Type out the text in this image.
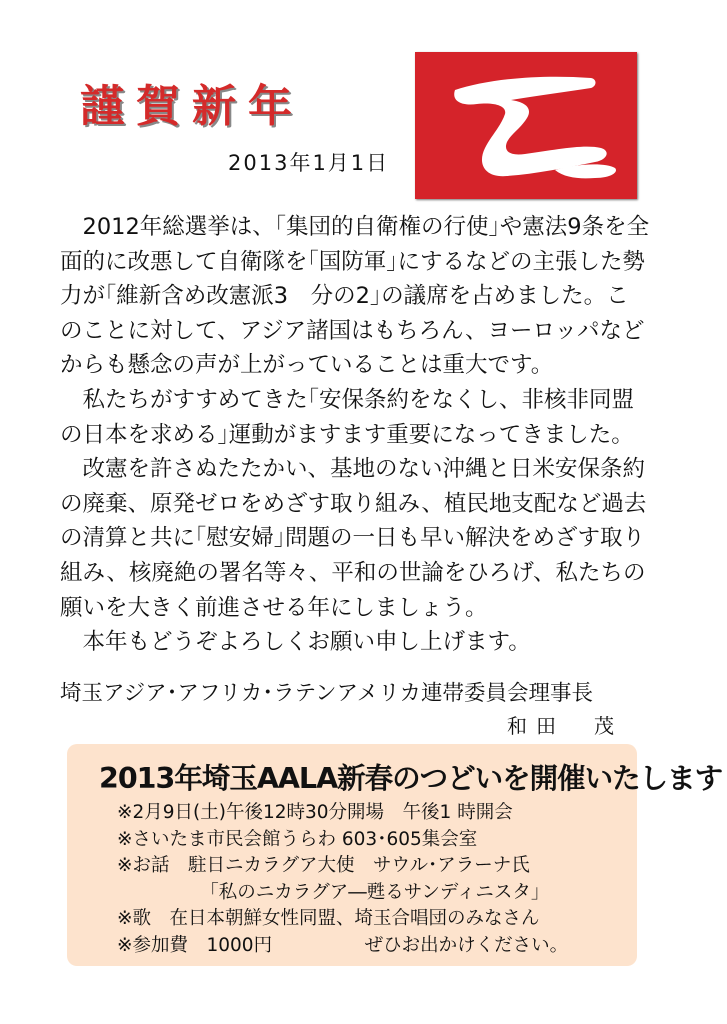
謹賀新年
2013年1月1日

2012年総選挙は、｢集団的自衛権の行使｣や憲法9条を全面的に改悪して自衛隊を｢国防軍｣にするなどの主張した勢力が｢維新含め改憲派3　分の2｣の議席を占めました。このことに対して、アジア諸国はもちろん、ヨーロッパなどからも懸念の声が上がっていることは重大です。

私たちがすすめてきた｢安保条約をなくし、非核非同盟の日本を求める｣運動がますます重要になってきました。

改憲を許さぬたたかい、基地のない沖縄と日米安保条約の廃棄、原発ゼロをめざす取り組み、植民地支配など過去の清算と共に｢慰安婦｣問題の一日も早い解決をめざす取り組み、核廃絶の署名等々、平和の世論をひろげ、私たちの願いを大きく前進させる年にしましょう。

本年もどうぞよろしくお願い申し上げます。

埼玉アジア･アフリカ･ラテンアメリカ連帯委員会理事長
和田　茂
2013年埼玉AALA新春のつどいを開催いたします
※2月9日(土)午後12時30分開場　午後1 時開会
※さいたま市民会館うらわ 603･605集会室
※お話　駐日ニカラグア大使　サウル･アラーナ氏
　　　　　「私のニカラグア―甦るサンディニスタ」
※歌　在日本朝鮮女性同盟、埼玉合唱団のみなさん
※参加費　1000円　　　　　ぜひお出かけください。
